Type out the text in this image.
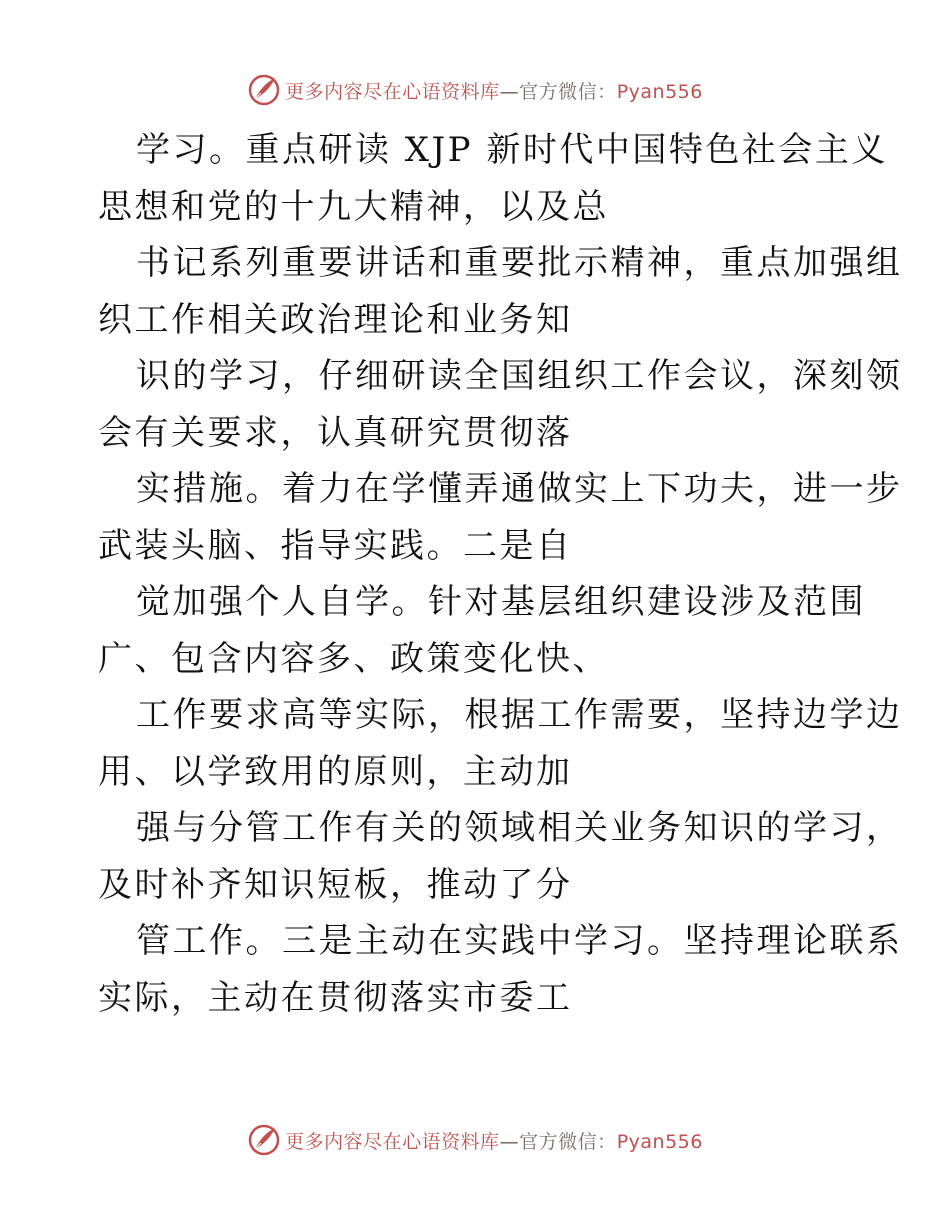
更多内容尽在心语资料库—官方微信：Pyan556
学习。重点研读 XJP 新时代中国特色社会主义
思想和党的十九大精神，以及总
书记系列重要讲话和重要批示精神，重点加强组
织工作相关政治理论和业务知
识的学习，仔细研读全国组织工作会议，深刻领
会有关要求，认真研究贯彻落
实措施。着力在学懂弄通做实上下功夫，进一步
武装头脑、指导实践。二是自
觉加强个人自学。针对基层组织建设涉及范围
广、包含内容多、政策变化快、
工作要求高等实际，根据工作需要，坚持边学边
用、以学致用的原则，主动加
强与分管工作有关的领域相关业务知识的学习，
及时补齐知识短板，推动了分
管工作。三是主动在实践中学习。坚持理论联系
实际，主动在贯彻落实市委工
更多内容尽在心语资料库—官方微信：Pyan556
